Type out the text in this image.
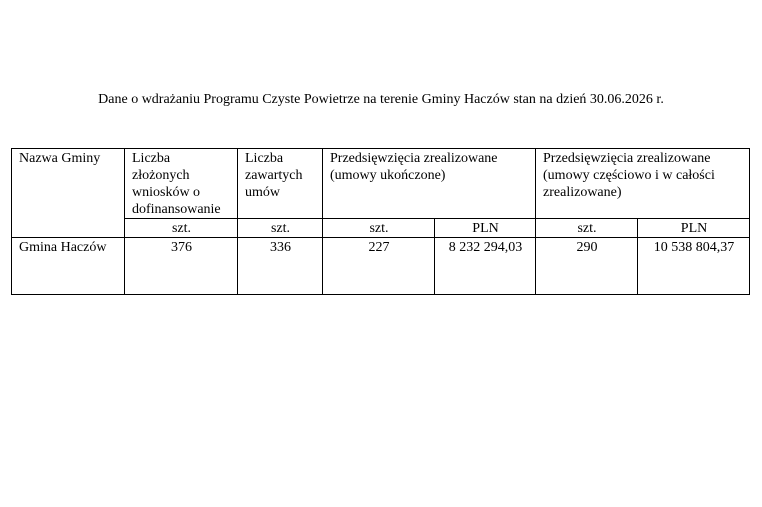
Dane o wdrażaniu Programu Czyste Powietrze na terenie Gminy Haczów stan na dzień 30.06.2026 r.
Nazwa Gminy	Liczba złożonych wniosków o dofinansowanie	Liczba zawartych umów	Przedsięwzięcia zrealizowane (umowy ukończone)		Przedsięwzięcia zrealizowane (umowy częściowo i w całości zrealizowane)	
	szt.	szt.	szt.	PLN	szt.	PLN
Gmina Haczów	376	336	227	8 232 294,03	290	10 538 804,37
